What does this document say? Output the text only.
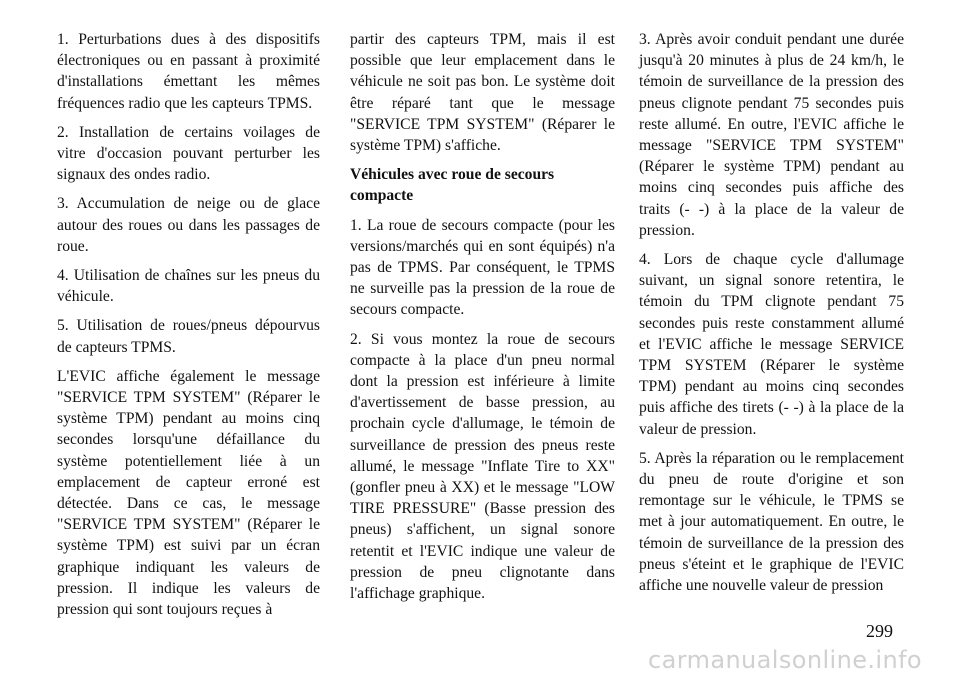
1. Perturbations dues à des dispositifs électroniques ou en passant à proximité d'installations émettant les mêmes fréquences radio que les capteurs TPMS.

2. Installation de certains voilages de vitre d'occasion pouvant perturber les signaux des ondes radio.

3. Accumulation de neige ou de glace autour des roues ou dans les passages de roue.

4. Utilisation de chaînes sur les pneus du véhicule.

5. Utilisation de roues/pneus dépourvus de capteurs TPMS.

L'EVIC affiche également le message "SERVICE TPM SYSTEM" (Réparer le système TPM) pendant au moins cinq secondes lorsqu'une défaillance du système potentiellement liée à un emplacement de capteur erroné est détectée. Dans ce cas, le message "SERVICE TPM SYSTEM" (Réparer le système TPM) est suivi par un écran graphique indiquant les valeurs de pression. Il indique les valeurs de pression qui sont toujours reçues à

partir des capteurs TPM, mais il est possible que leur emplacement dans le véhicule ne soit pas bon. Le système doit être réparé tant que le message "SERVICE TPM SYSTEM" (Réparer le système TPM) s'affiche.

Véhicules avec roue de secours compacte

1. La roue de secours compacte (pour les versions/marchés qui en sont équipés) n'a pas de TPMS. Par conséquent, le TPMS ne surveille pas la pression de la roue de secours compacte.

2. Si vous montez la roue de secours compacte à la place d'un pneu normal dont la pression est inférieure à limite d'avertissement de basse pression, au prochain cycle d'allumage, le témoin de surveillance de pression des pneus reste allumé, le message "Inflate Tire to XX" (gonfler pneu à XX) et le message "LOW TIRE PRESSURE" (Basse pression des pneus) s'affichent, un signal sonore retentit et l'EVIC indique une valeur de pression de pneu clignotante dans l'affichage graphique.

3. Après avoir conduit pendant une durée jusqu'à 20 minutes à plus de 24 km/h, le témoin de surveillance de la pression des pneus clignote pendant 75 secondes puis reste allumé. En outre, l'EVIC affiche le message "SERVICE TPM SYSTEM" (Réparer le système TPM) pendant au moins cinq secondes puis affiche des traits (- -) à la place de la valeur de pression.

4. Lors de chaque cycle d'allumage suivant, un signal sonore retentira, le témoin du TPM clignote pendant 75 secondes puis reste constamment allumé et l'EVIC affiche le message SERVICE TPM SYSTEM (Réparer le système TPM) pendant au moins cinq secondes puis affiche des tirets (- -) à la place de la valeur de pression.

5. Après la réparation ou le remplacement du pneu de route d'origine et son remontage sur le véhicule, le TPMS se met à jour automatiquement. En outre, le témoin de surveillance de la pression des pneus s'éteint et le graphique de l'EVIC affiche une nouvelle valeur de pression

299
carmanualsonline.info
